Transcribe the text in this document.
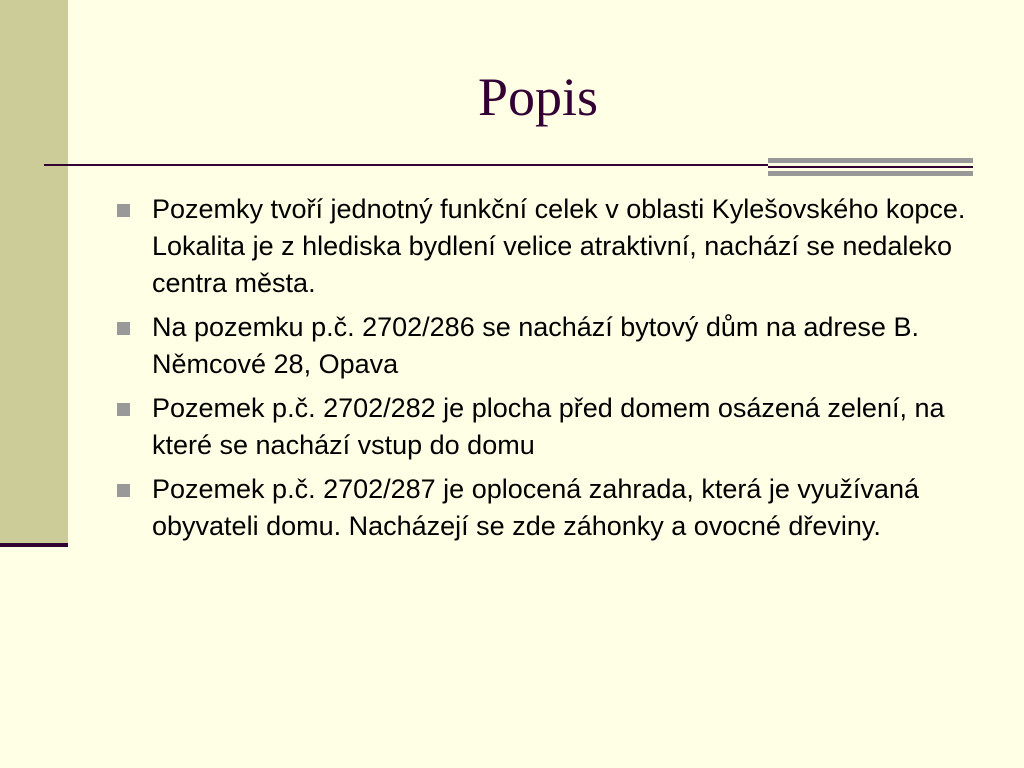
Popis
Pozemky tvoří jednotný funkční celek v oblasti Kylešovského kopce. Lokalita je z hlediska bydlení velice atraktivní, nachází se nedaleko centra města.
Na pozemku p.č. 2702/286 se nachází bytový dům na adrese B. Němcové 28, Opava
Pozemek p.č. 2702/282 je plocha před domem osázená zelení, na které se nachází vstup do domu
Pozemek p.č. 2702/287 je oplocená zahrada, která je využívaná obyvateli domu. Nacházejí se zde záhonky a ovocné dřeviny.
